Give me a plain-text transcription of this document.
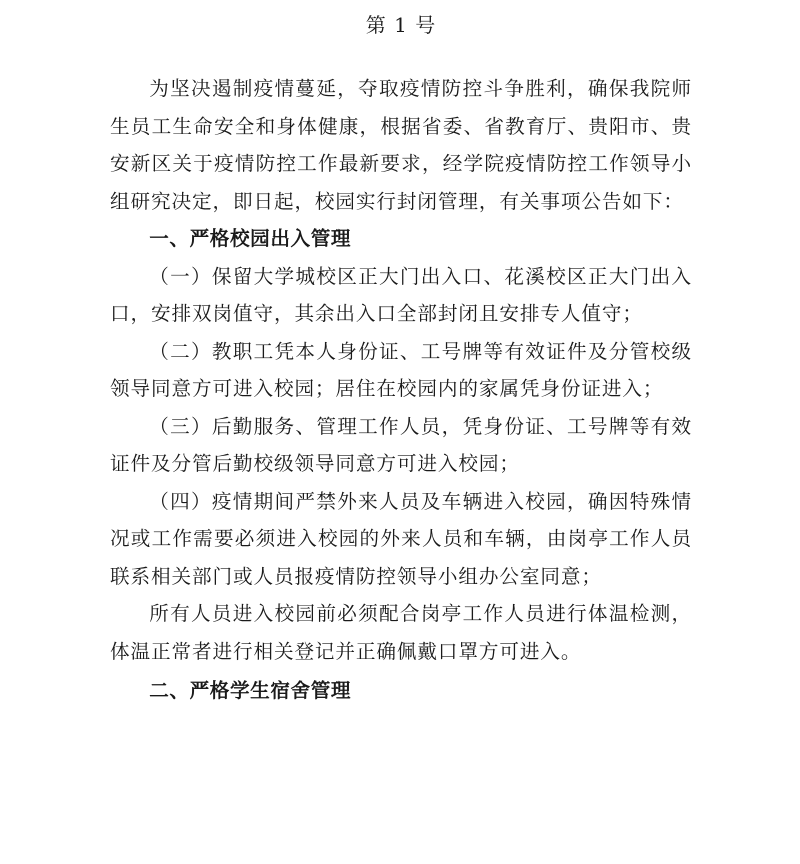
第 1 号

为坚决遏制疫情蔓延，夺取疫情防控斗争胜利，确保我院师生员工生命安全和身体健康，根据省委、省教育厅、贵阳市、贵安新区关于疫情防控工作最新要求，经学院疫情防控工作领导小组研究决定，即日起，校园实行封闭管理，有关事项公告如下：

一、严格校园出入管理

（一）保留大学城校区正大门出入口、花溪校区正大门出入口，安排双岗值守，其余出入口全部封闭且安排专人值守；

（二）教职工凭本人身份证、工号牌等有效证件及分管校级领导同意方可进入校园；居住在校园内的家属凭身份证进入；

（三）后勤服务、管理工作人员，凭身份证、工号牌等有效证件及分管后勤校级领导同意方可进入校园；

（四）疫情期间严禁外来人员及车辆进入校园，确因特殊情况或工作需要必须进入校园的外来人员和车辆，由岗亭工作人员联系相关部门或人员报疫情防控领导小组办公室同意；

所有人员进入校园前必须配合岗亭工作人员进行体温检测，体温正常者进行相关登记并正确佩戴口罩方可进入。

二、严格学生宿舍管理
